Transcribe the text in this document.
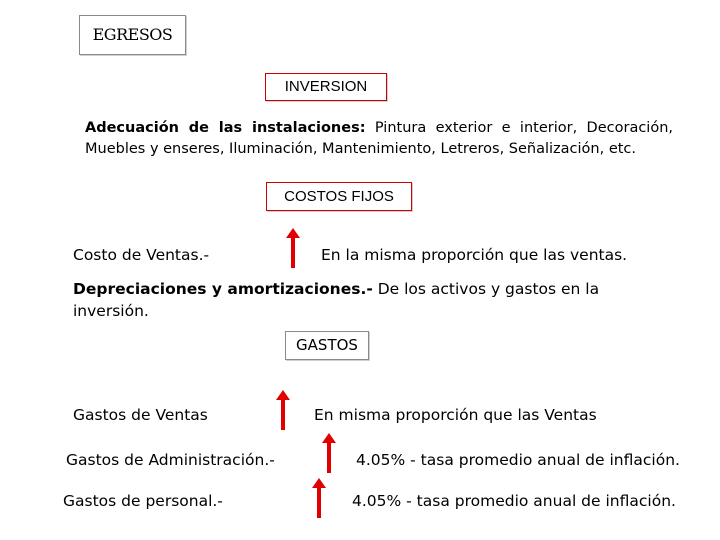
EGRESOS
INVERSION
Adecuación de las instalaciones: Pintura exterior e interior, Decoración, Muebles y enseres, Iluminación, Mantenimiento, Letreros, Señalización, etc.
COSTOS FIJOS
Costo de Ventas.-	En la misma proporción que las ventas.
Depreciaciones y amortizaciones.- De los activos y gastos en la inversión.
GASTOS
Gastos de Ventas	En misma proporción que las Ventas
Gastos de Administración.-	4.05% - tasa promedio anual de inflación.
Gastos de personal.-	4.05% - tasa promedio anual de inflación.
